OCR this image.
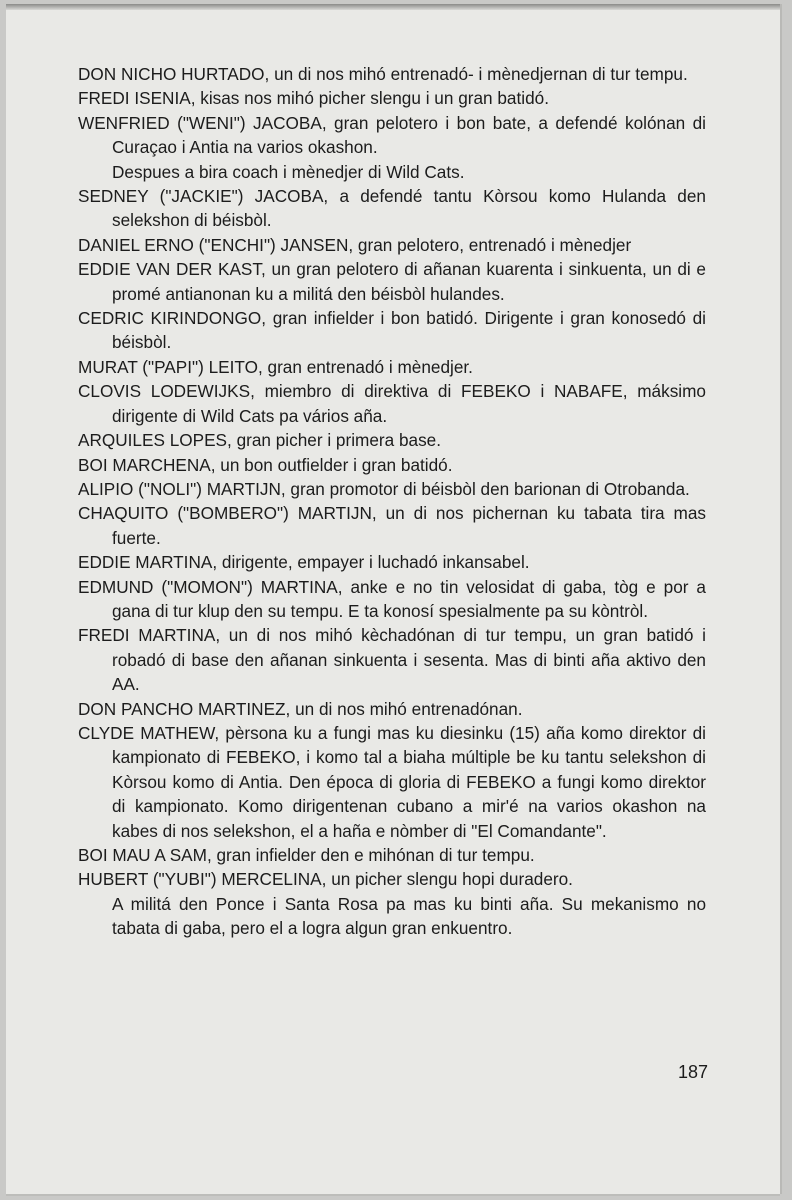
DON NICHO HURTADO, un di nos mihó entrenadó- i mènedjernan di tur tempu.

FREDI ISENIA, kisas nos mihó picher slengu i un gran batidó.

WENFRIED ("WENI") JACOBA, gran pelotero i bon bate, a defendé kolónan di Curaçao i Antia na varios okashon.
Despues a bira coach i mènedjer di Wild Cats.

SEDNEY ("JACKIE") JACOBA, a defendé tantu Kòrsou komo Hulanda den selekshon di béisbòl.

DANIEL ERNO ("ENCHI") JANSEN, gran pelotero, entrenadó i mènedjer

EDDIE VAN DER KAST, un gran pelotero di añanan kuarenta i sinkuenta, un di e promé antianonan ku a militá den béisbòl hulandes.

CEDRIC KIRINDONGO, gran infielder i bon batidó. Dirigente i gran konosedó di béisbòl.

MURAT ("PAPI") LEITO, gran entrenadó i mènedjer.

CLOVIS LODEWIJKS, miembro di direktiva di FEBEKO i NABAFE, máksimo dirigente di Wild Cats pa vários aña.

ARQUILES LOPES, gran picher i primera base.

BOI MARCHENA, un bon outfielder i gran batidó.

ALIPIO ("NOLI") MARTIJN, gran promotor di béisbòl den barionan di Otrobanda.

CHAQUITO ("BOMBERO") MARTIJN, un di nos pichernan ku tabata tira mas fuerte.

EDDIE MARTINA, dirigente, empayer i luchadó inkansabel.

EDMUND ("MOMON") MARTINA, anke e no tin velosidat di gaba, tòg e por a gana di tur klup den su tempu. E ta konosí spesialmente pa su kòntròl.

FREDI MARTINA, un di nos mihó kèchadónan di tur tempu, un gran batidó i robadó di base den añanan sinkuenta i sesenta. Mas di binti aña aktivo den AA.

DON PANCHO MARTINEZ, un di nos mihó entrenadónan.

CLYDE MATHEW, pèrsona ku a fungi mas ku diesinku (15) aña komo direktor di kampionato di FEBEKO, i komo tal a biaha múltiple be ku tantu selekshon di Kòrsou komo di Antia. Den época di gloria di FEBEKO a fungi komo direktor di kampionato. Komo dirigentenan cubano a mir'é na varios okashon na kabes di nos selekshon, el a haña e nòmber di "El Comandante".

BOI MAU A SAM, gran infielder den e mihónan di tur tempu.

HUBERT ("YUBI") MERCELINA, un picher slengu hopi duradero.
A militá den Ponce i Santa Rosa pa mas ku binti aña. Su mekanismo no tabata di gaba, pero el a logra algun gran enkuentro.

187
